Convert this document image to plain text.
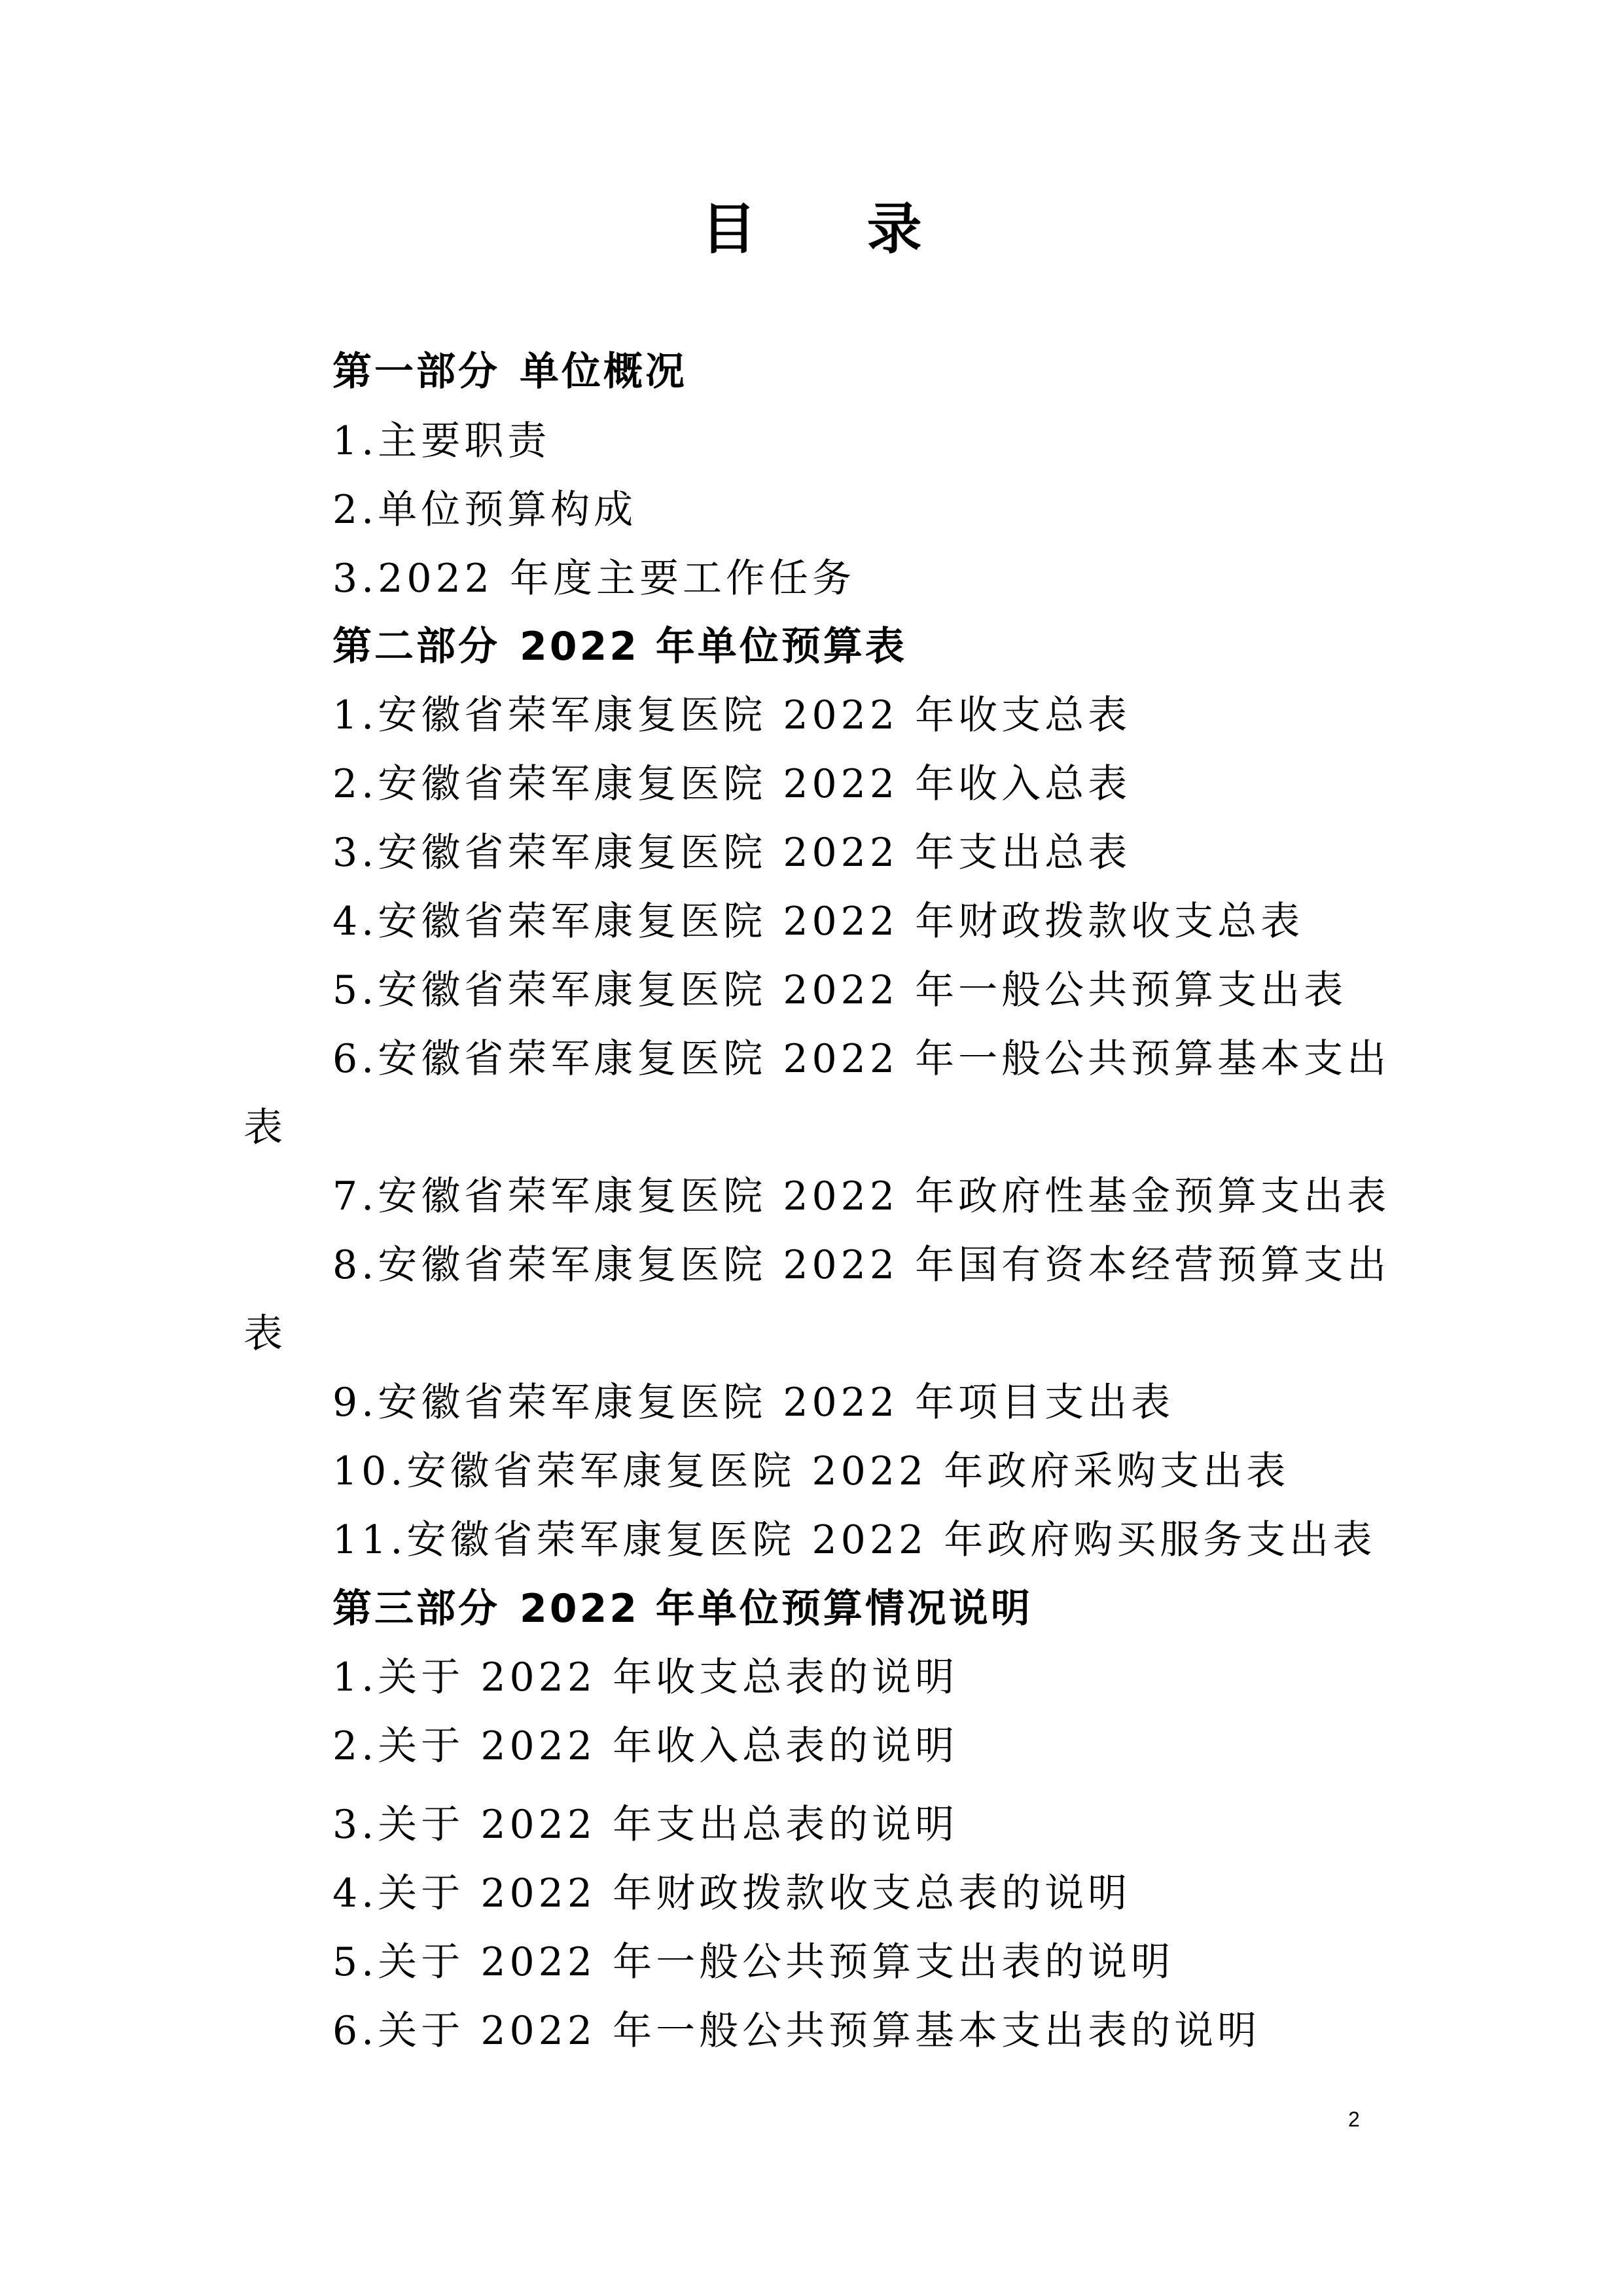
目 录
第一部分 单位概况
1.主要职责
2.单位预算构成
3.2022 年度主要工作任务
第二部分 2022 年单位预算表
1.安徽省荣军康复医院 2022 年收支总表
2.安徽省荣军康复医院 2022 年收入总表
3.安徽省荣军康复医院 2022 年支出总表
4.安徽省荣军康复医院 2022 年财政拨款收支总表
5.安徽省荣军康复医院 2022 年一般公共预算支出表
6.安徽省荣军康复医院 2022 年一般公共预算基本支出
表
7.安徽省荣军康复医院 2022 年政府性基金预算支出表
8.安徽省荣军康复医院 2022 年国有资本经营预算支出
表
9.安徽省荣军康复医院 2022 年项目支出表
10.安徽省荣军康复医院 2022 年政府采购支出表
11.安徽省荣军康复医院 2022 年政府购买服务支出表
第三部分 2022 年单位预算情况说明
1.关于 2022 年收支总表的说明
2.关于 2022 年收入总表的说明
3.关于 2022 年支出总表的说明
4.关于 2022 年财政拨款收支总表的说明
5.关于 2022 年一般公共预算支出表的说明
6.关于 2022 年一般公共预算基本支出表的说明
2
